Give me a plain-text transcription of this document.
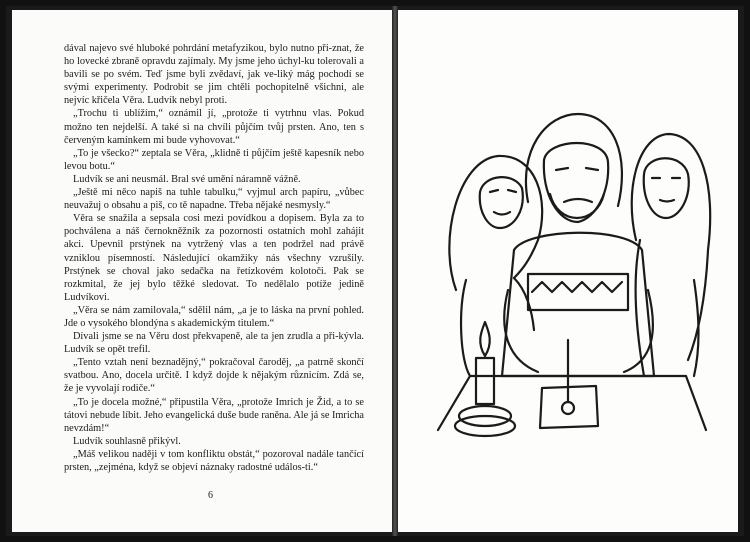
dával najevo své hluboké pohrdání metafyzikou, bylo nutno při-znat, že ho lovecké zbraně opravdu zajímaly. My jsme jeho úchyl-ku tolerovali a bavili se po svém. Teď jsme byli zvědaví, jak ve-liký mág pochodí se svými experimenty. Podrobit se jim chtěli pochopitelně všichni, ale nejvíc křičela Věra. Ludvík nebyl proti.

„Trochu ti ublížím,“ oznámil jí, „protože ti vytrhnu vlas. Pokud možno ten nejdelší. A také si na chvíli půjčím tvůj prsten. Ano, ten s červeným kamínkem mi bude vyhovovat.“

„To je všecko?“ zeptala se Věra, „klidně ti půjčím ještě kapesník nebo levou botu.“

Ludvík se ani neusmál. Bral své umění náramně vážně.

„Ještě mi něco napiš na tuhle tabulku,“ vyjmul arch papíru, „vůbec neuvažuj o obsahu a piš, co tě napadne. Třeba nějaké nesmysly.“

Věra se snažila a sepsala cosi mezi povídkou a dopisem. Byla za to pochválena a náš černokněžník za pozornosti ostatních mohl zahájit akci. Upevnil prstýnek na vytržený vlas a ten podržel nad právě vzniklou písemností. Následující okamžiky nás všechny vzrušily. Prstýnek se choval jako sedačka na řetízkovém kolotoči. Pak se rozkmital, že jej bylo těžké sledovat. To nedělalo potíže jedině Ludvíkovi.

„Věra se nám zamilovala,“ sdělil nám, „a je to láska na první pohled. Jde o vysokého blondýna s akademickým titulem.“

Dívali jsme se na Věru dost překvapeně, ale ta jen zrudla a při-kývla. Ludvík se opět trefil.

„Tento vztah není beznadějný,“ pokračoval čaroděj, „a patrně skončí svatbou. Ano, docela určitě. I když dojde k nějakým různicím. Zdá se, že je vyvolají rodiče.“

„To je docela možné,“ připustila Věra, „protože Imrich je Žid, a to se tátovi nebude líbit. Jeho evangelická duše bude raněna. Ale já se Imricha nevzdám!“

Ludvík souhlasně přikývl.

„Máš velikou naději v tom konfliktu obstát,“ pozoroval nadále tančící prsten, „zejména, když se objeví náznaky radostné událos-ti.“

6
